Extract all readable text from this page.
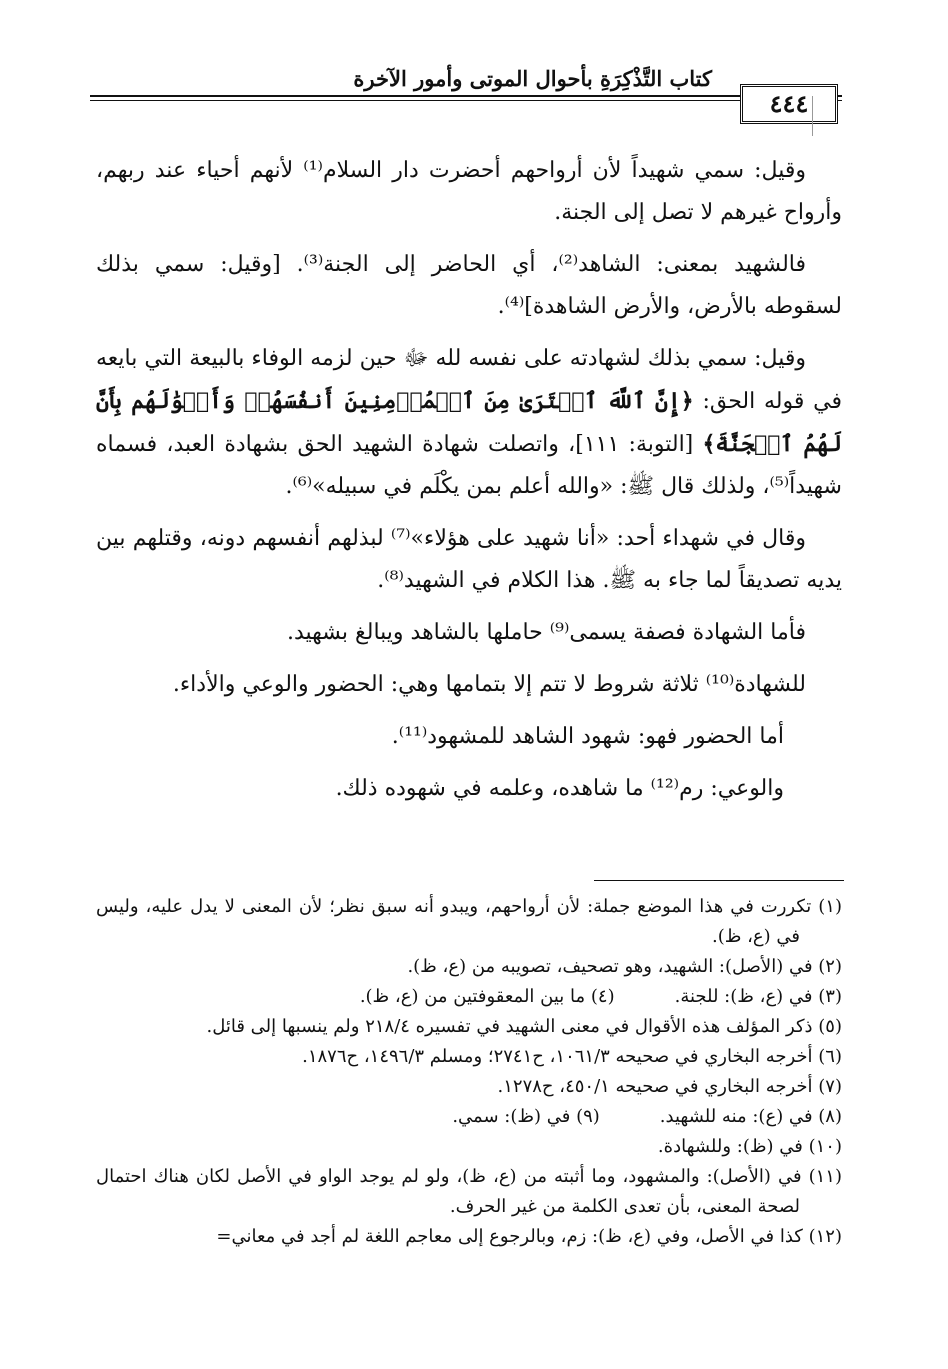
كتاب التَّذْكِرَةِ بأحوال الموتى وأمور الآخرة
٤٤٤

وقيل: سمي شهيداً لأن أرواحهم أحضرت دار السلام⁽¹⁾ لأنهم أحياء عند ربهم، وأرواح غيرهم لا تصل إلى الجنة.

فالشهيد بمعنى: الشاهد⁽²⁾، أي الحاضر إلى الجنة⁽³⁾. [وقيل: سمي بذلك لسقوطه بالأرض، والأرض الشاهدة]⁽⁴⁾.

وقيل: سمي بذلك لشهادته على نفسه لله ﷻ حين لزمه الوفاء بالبيعة التي بايعه في قوله الحق: ﴿إِنَّ ٱللَّهَ ٱشۡتَرَىٰ مِنَ ٱلۡمُؤۡمِنِينَ أَنفُسَهُمۡ وَأَمۡوَٰلَهُم بِأَنَّ لَهُمُ ٱلۡجَنَّةَ﴾ [التوبة: ١١١]، واتصلت شهادة الشهيد الحق بشهادة العبد، فسماه شهيداً⁽⁵⁾، ولذلك قال ﷺ: «والله أعلم بمن يكْلَم في سبيله»⁽⁶⁾.

وقال في شهداء أحد: «أنا شهيد على هؤلاء»⁽⁷⁾ لبذلهم أنفسهم دونه، وقتلهم بين يديه تصديقاً لما جاء به ﷺ. هذا الكلام في الشهيد⁽⁸⁾.

فأما الشهادة فصفة يسمى⁽⁹⁾ حاملها بالشاهد ويبالغ بشهيد.

للشهادة⁽¹⁰⁾ ثلاثة شروط لا تتم إلا بتمامها وهي: الحضور والوعي والأداء.

أما الحضور فهو: شهود الشاهد للمشهود⁽¹¹⁾.

والوعي: رم⁽¹²⁾ ما شاهده، وعلمه في شهوده ذلك.

(١) تكررت في هذا الموضع جملة: لأن أرواحهم، ويبدو أنه سبق نظر؛ لأن المعنى لا يدل عليه، وليس في (ع، ظ).

(٢) في (الأصل): الشهيد، وهو تصحيف، تصويبه من (ع، ظ).

(٣) في (ع، ظ): للجنة.

(٤) ما بين المعقوفتين من (ع، ظ).

(٥) ذكر المؤلف هذه الأقوال في معنى الشهيد في تفسيره ٢١٨/٤ ولم ينسبها إلى قائل.

(٦) أخرجه البخاري في صحيحه ١٠٦١/٣، ح٢٧٤١؛ ومسلم ١٤٩٦/٣، ح١٨٧٦.

(٧) أخرجه البخاري في صحيحه ٤٥٠/١، ح١٢٧٨.

(٨) في (ع): منه للشهيد.

(٩) في (ظ): سمي.

(١٠) في (ظ): وللشهادة.

(١١) في (الأصل): والمشهود، وما أثبته من (ع، ظ)، ولو لم يوجد الواو في الأصل لكان هناك احتمال لصحة المعنى، بأن تعدى الكلمة من غير الحرف.

(١٢) كذا في الأصل، وفي (ع، ظ): زم، وبالرجوع إلى معاجم اللغة لم أجد في معاني=
